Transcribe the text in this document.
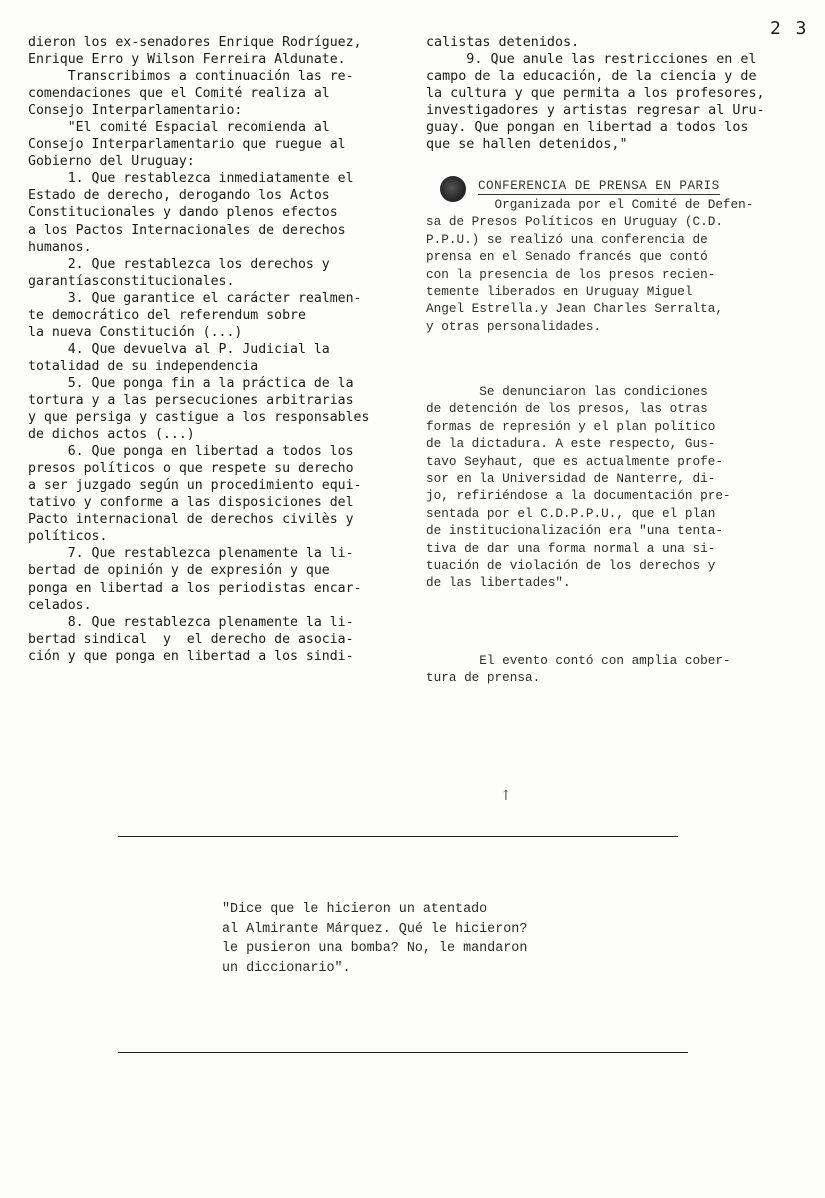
2 3
dieron los ex-senadores Enrique Rodríguez,
Enrique Erro y Wilson Ferreira Aldunate.
Transcribimos a continuación las re-
comendaciones que el Comité realiza al
Consejo Interparlamentario:
"El comité Espacial recomienda al
Consejo Interparlamentario que ruegue al
Gobierno del Uruguay:
1. Que restablezca inmediatamente el
Estado de derecho, derogando los Actos
Constitucionales y dando plenos efectos
a los Pactos Internacionales de derechos
humanos.
2. Que restablezca los derechos y
garantíasconstitucionales.
3. Que garantice el carácter realmen-
te democrático del referendum sobre
la nueva Constitución (...)
4. Que devuelva al P. Judicial la
totalidad de su independencia
5. Que ponga fin a la práctica de la
tortura y a las persecuciones arbitrarias
y que persiga y castigue a los responsables
de dichos actos (...)
6. Que ponga en libertad a todos los
presos políticos o que respete su derecho
a ser juzgado según un procedimiento equi-
tativo y conforme a las disposiciones del
Pacto internacional de derechos civilès y
políticos.
7. Que restablezca plenamente la li-
bertad de opinión y de expresión y que
ponga en libertad a los periodistas encar-
celados.
8. Que restablezca plenamente la li-
bertad sindical  y  el derecho de asocia-
ción y que ponga en libertad a los sindi-
calistas detenidos.
9. Que anule las restricciones en el
campo de la educación, de la ciencia y de
la cultura y que permita a los profesores,
investigadores y artistas regresar al Uru-
guay. Que pongan en libertad a todos los
que se hallen detenidos,"
CONFERENCIA DE PRENSA EN PARIS
Organizada por el Comité de Defen-
sa de Presos Políticos en Uruguay (C.D.
P.P.U.) se realizó una conferencia de
prensa en el Senado francés que contó
con la presencia de los presos recien-
temente liberados en Uruguay Miguel
Angel Estrella.y Jean Charles Serralta,
y otras personalidades.
Se denunciaron las condiciones
de detención de los presos, las otras
formas de represión y el plan político
de la dictadura. A este respecto, Gus-
tavo Seyhaut, que es actualmente profe-
sor en la Universidad de Nanterre, di-
jo, refiriéndose a la documentación pre-
sentada por el C.D.P.P.U., que el plan
de institucionalización era "una tenta-
tiva de dar una forma normal a una si-
tuación de violación de los derechos y
de las libertades".
El evento contó con amplia cober-
tura de prensa.
↑
"Dice que le hicieron un atentado
al Almirante Márquez. Qué le hicieron?
le pusieron una bomba? No, le mandaron
un diccionario".
